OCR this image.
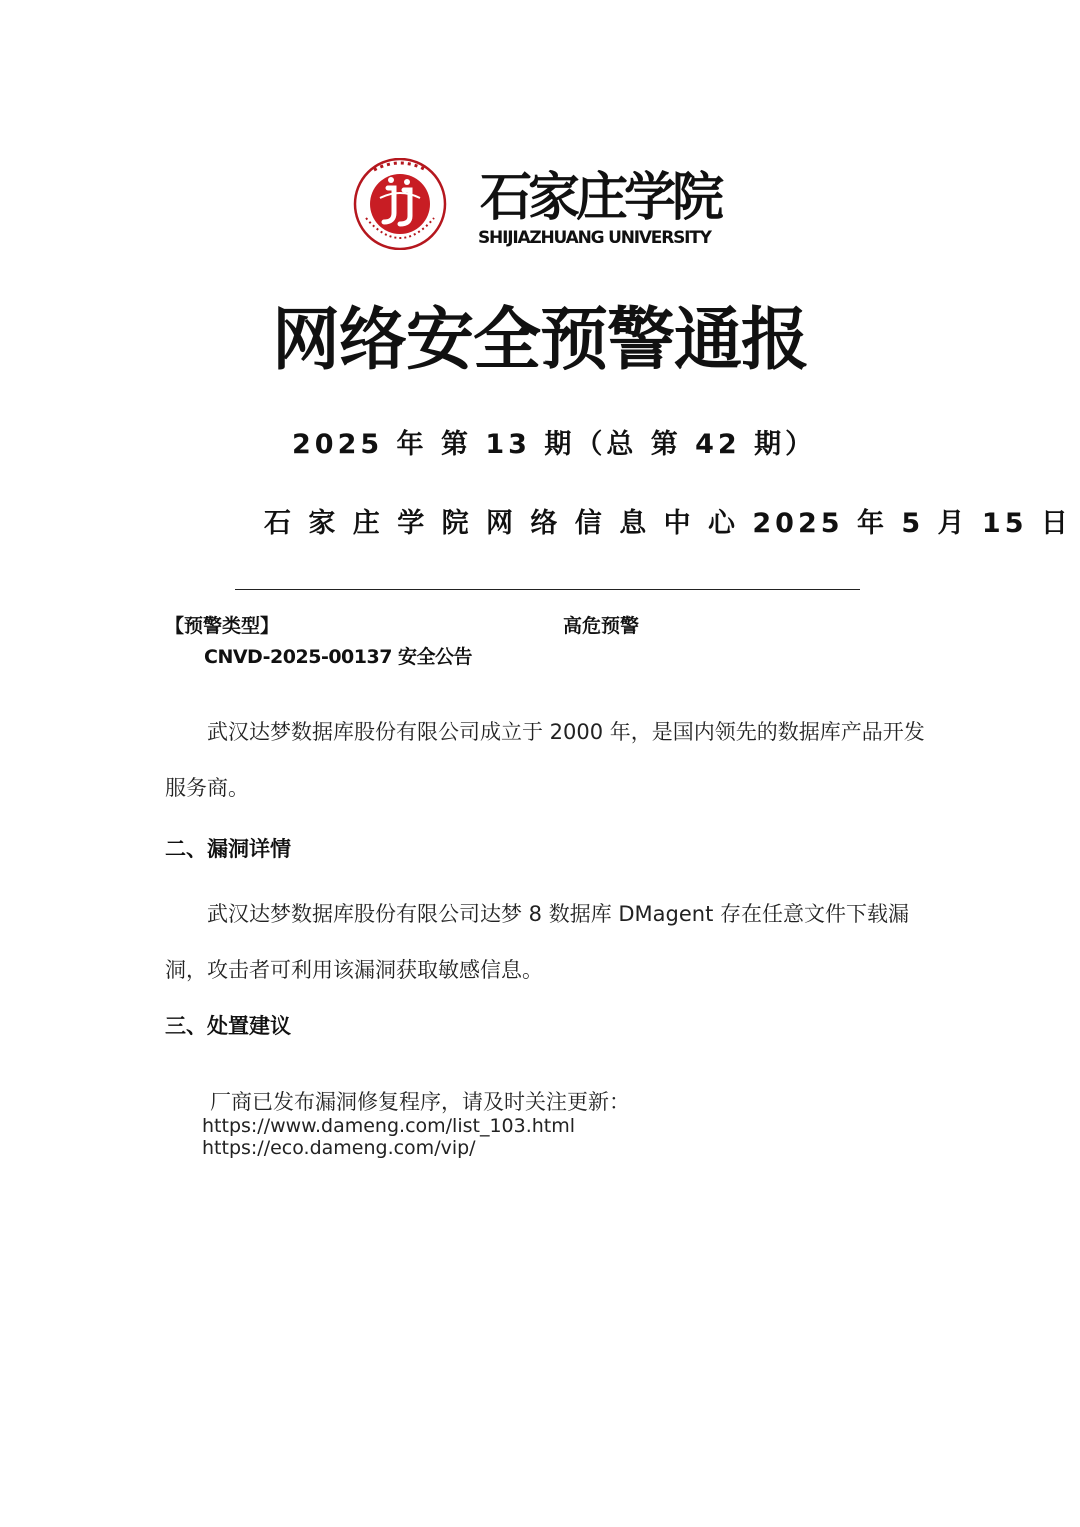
石家庄学院
SHIJIAZHUANG UNIVERSITY
网络安全预警通报
2025 年 第 13 期（总 第 42 期）
石 家 庄 学 院 网 络 信 息 中 心 2025 年 5 月 15 日
【预警类型】	高危预警
CNVD-2025-00137 安全公告
武汉达梦数据库股份有限公司成立于 2000 年，是国内领先的数据库产品开发
服务商。
二、漏洞详情
武汉达梦数据库股份有限公司达梦 8 数据库 DMagent 存在任意文件下载漏
洞，攻击者可利用该漏洞获取敏感信息。
三、处置建议
厂商已发布漏洞修复程序，请及时关注更新：
https://www.dameng.com/list_103.html
https://eco.dameng.com/vip/
